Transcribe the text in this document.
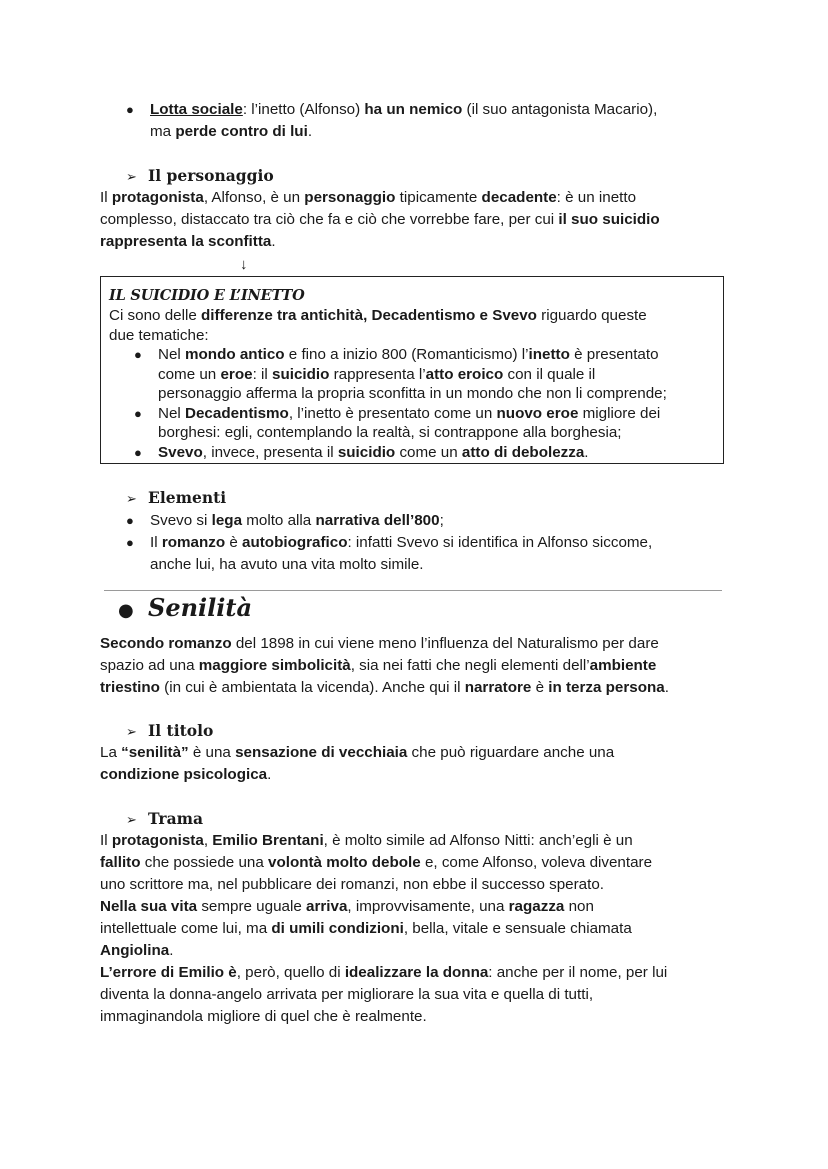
● Lotta sociale: l’inetto (Alfonso) ha un nemico (il suo antagonista Macario),

ma perde contro di lui.

➢ Il personaggio

Il protagonista, Alfonso, è un personaggio tipicamente decadente: è un inetto

complesso, distaccato tra ciò che fa e ciò che vorrebbe fare, per cui il suo suicidio

rappresenta la sconfitta.

↓
IL SUICIDIO E L’INETTO

Ci sono delle differenze tra antichità, Decadentismo e Svevo riguardo queste

due tematiche:

● Nel mondo antico e fino a inizio 800 (Romanticismo) l’inetto è presentato

come un eroe: il suicidio rappresenta l’atto eroico con il quale il

personaggio afferma la propria sconfitta in un mondo che non li comprende;

● Nel Decadentismo, l’inetto è presentato come un nuovo eroe migliore dei

borghesi: egli, contemplando la realtà, si contrappone alla borghesia;

● Svevo, invece, presenta il suicidio come un atto di debolezza.

➢ Elementi
● Svevo si lega molto alla narrativa dell’800;

● Il romanzo è autobiografico: infatti Svevo si identifica in Alfonso siccome,

anche lui, ha avuto una vita molto simile.

● Senilità

Secondo romanzo del 1898 in cui viene meno l’influenza del Naturalismo per dare

spazio ad una maggiore simbolicità, sia nei fatti che negli elementi dell’ambiente

triestino (in cui è ambientata la vicenda). Anche qui il narratore è in terza persona.

➢ Il titolo

La “senilità” è una sensazione di vecchiaia che può riguardare anche una

condizione psicologica.

➢ Trama

Il protagonista, Emilio Brentani, è molto simile ad Alfonso Nitti: anch’egli è un

fallito che possiede una volontà molto debole e, come Alfonso, voleva diventare

uno scrittore ma, nel pubblicare dei romanzi, non ebbe il successo sperato.

Nella sua vita sempre uguale arriva, improvvisamente, una ragazza non

intellettuale come lui, ma di umili condizioni, bella, vitale e sensuale chiamata

Angiolina.

L’errore di Emilio è, però, quello di idealizzare la donna: anche per il nome, per lui

diventa la donna-angelo arrivata per migliorare la sua vita e quella di tutti,

immaginandola migliore di quel che è realmente.
